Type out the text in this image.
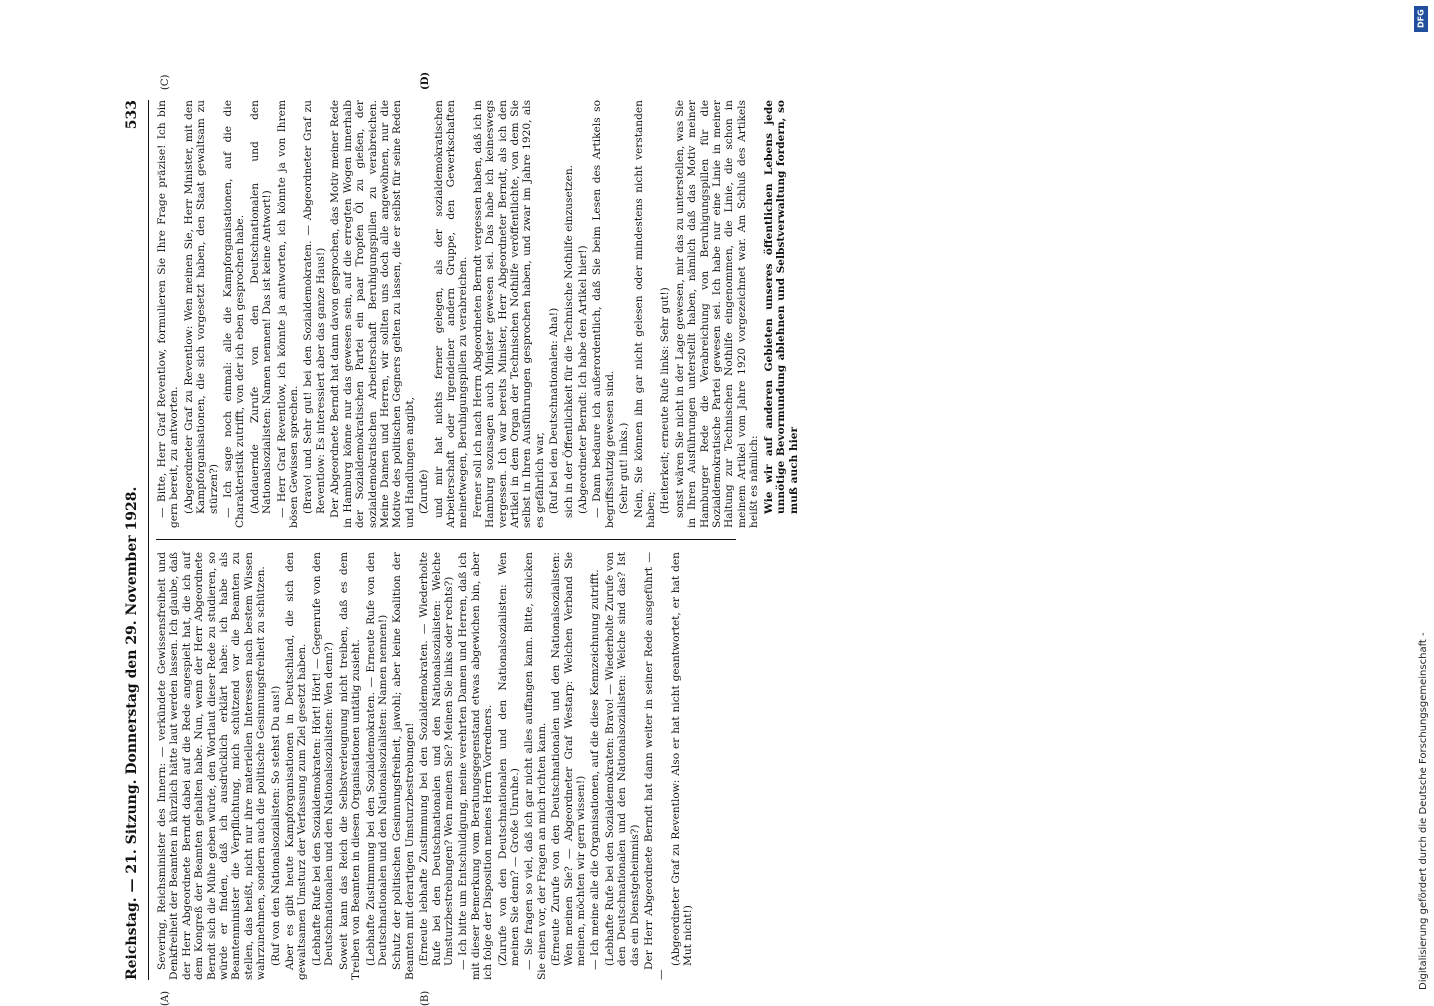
Reichstag. — 21. Sitzung. Donnerstag den 29. November 1928.
533
(A)	(B)
(C)	(D)

Severing, Reichsminister des Innern: — verkündete Gewissensfreiheit und Denkfreiheit der Beamten in kürzlich hätte laut werden lassen. Ich glaube, daß der Herr Abgeordnete Berndt dabei auf die Rede angespielt hat, die ich auf dem Kongreß der Beamten gehalten habe. Nun, wenn der Herr Abgeordnete Berndt sich die Mühe geben würde, den Wortlaut dieser Rede zu studieren, so würde er finden, daß ich ausdrücklich erklärt habe: ich habe als Beamtenminister die Verpflichtung, mich schützend vor die Beamten zu stellen, das heißt, nicht nur ihre materiellen Interessen nach bestem Wissen wahrzunehmen, sondern auch die politische Gesinnungsfreiheit zu schützen. (Ruf von den Nationalsozialisten: So stehst Du aus!) Aber es gibt heute Kampforganisationen in Deutschland, die sich den gewaltsamen Umsturz der Verfassung zum Ziel gesetzt haben. (Lebhafte Rufe bei den Sozialdemokraten: Hört! Hört! — Gegenrufe von den Deutschnationalen und den Nationalsozialisten: Wen denn?) Soweit kann das Reich die Selbstverleugnung nicht treiben, daß es dem Treiben von Beamten in diesen Organisationen untätig zusieht. (Lebhafte Zustimmung bei den Sozialdemokraten. — Erneute Rufe von den Deutschnationalen und den Nationalsozialisten: Namen nennen!) Schutz der politischen Gesinnungsfreiheit, jawohl; aber keine Koalition der Beamten mit derartigen Umsturzbestrebungen! (Erneute lebhafte Zustimmung bei den Sozialdemokraten. — Wiederholte Rufe bei den Deutschnationalen und den Nationalsozialisten: Welche Umsturzbestrebungen? Wen meinen Sie? Meinen Sie links oder rechts?) — Ich bitte um Entschuldigung, meine verehrten Damen und Herren, daß ich mit dieser Bemerkung vom Beratungsgegenstand etwas abgewichen bin, aber ich folge der Disposition meines Herrn Vorredners. (Zurufe von den Deutschnationalen und den Nationalsozialisten: Wen meinen Sie denn? — Große Unruhe.) — Sie fragen so viel, daß ich gar nicht alles auffangen kann. Bitte, schicken Sie einen vor, der Fragen an mich richten kann. (Erneute Zurufe von den Deutschnationalen und den Nationalsozialisten: Wen meinen Sie? — Abgeordneter Graf Westarp: Welchen Verband Sie meinen, möchten wir gern wissen!) — Ich meine alle die Organisationen, auf die diese Kennzeichnung zutrifft. (Lebhafte Rufe bei den Sozialdemokraten: Bravo! — Wiederholte Zurufe von den Deutschnationalen und den Nationalsozialisten: Welche sind das? Ist das ein Dienstgeheimnis?) Der Herr Abgeordnete Berndt hat dann weiter in seiner Rede ausgeführt — —

(Abgeordneter Graf zu Reventlow: Also er hat nicht geantwortet, er hat den Mut nicht!)

— Bitte, Herr Graf Reventlow, formulieren Sie Ihre Frage präzise! Ich bin gern bereit, zu antworten. (Abgeordneter Graf zu Reventlow: Wen meinen Sie, Herr Minister, mit den Kampforganisationen, die sich vorgesetzt haben, den Staat gewaltsam zu stürzen?) — Ich sage noch einmal: alle die Kampforganisationen, auf die die Charakteristik zutrifft, von der ich eben gesprochen habe. (Andauernde Zurufe von den Deutschnationalen und den Nationalsozialisten: Namen nennen! Das ist keine Antwort!) — Herr Graf Reventlow, ich könnte ja antworten, ich könnte ja von Ihrem bösen Gewissen sprechen. (Bravo! und Sehr gut! bei den Sozialdemokraten. — Abgeordneter Graf zu Reventlow: Es interessiert aber das ganze Haus!) Der Abgeordnete Berndt hat dann davon gesprochen, das Motiv meiner Rede in Hamburg könne nur das gewesen sein, auf die erregten Wogen innerhalb der Sozialdemokratischen Partei ein paar Tropfen Öl zu gießen, der sozialdemokratischen Arbeiterschaft Beruhigungspillen zu verabreichen. Meine Damen und Herren, wir sollten uns doch alle angewöhnen, nur die Motive des politischen Gegners gelten zu lassen, die er selbst für seine Reden und Handlungen angibt, (Zurufe) und mir hat nichts ferner gelegen, als der sozialdemokratischen Arbeiterschaft oder irgendeiner andern Gruppe, den Gewerkschaften meinetwegen, Beruhigungspillen zu verabreichen. Ferner soll ich nach Herrn Abgeordneten Berndt vergessen haben, daß ich in Hamburg sozusagen auch Minister gewesen sei. Das habe ich keineswegs vergessen. Ich war bereits Minister, Herr Abgeordneter Berndt, als ich den Artikel in dem Organ der Technischen Nothilfe veröffentlichte, von dem Sie selbst in Ihren Ausführungen gesprochen haben, und zwar im Jahre 1920, als es gefährlich war, (Ruf bei den Deutschnationalen: Aha!) sich in der Öffentlichkeit für die Technische Nothilfe einzusetzen. (Abgeordneter Berndt: Ich habe den Artikel hier!) — Dann bedaure ich außerordentlich, daß Sie beim Lesen des Artikels so begriffsstutzig gewesen sind. (Sehr gut! links.) Nein, Sie können ihn gar nicht gelesen oder mindestens nicht verstanden haben; (Heiterkeit; erneute Rufe links: Sehr gut!) sonst wären Sie nicht in der Lage gewesen, mir das zu unterstellen, was Sie in Ihren Ausführungen unterstellt haben, nämlich daß das Motiv meiner Hamburger Rede die Verabreichung von Beruhigungspillen für die Sozialdemokratische Partei gewesen sei. Ich habe nur eine Linie in meiner Haltung zur Technischen Nothilfe eingenommen, die Linie, die schon in meinem Artikel vom Jahre 1920 vorgezeichnet war. Am Schluß des Artikels heißt es nämlich: Wie wir auf anderen Gebieten unseres öffentlichen Lebens jede unnötige Bevormundung ablehnen und Selbstverwaltung fordern, so muß auch hier

DFG
Digitalisierung gefördert durch die Deutsche Forschungsgemeinschaft -
